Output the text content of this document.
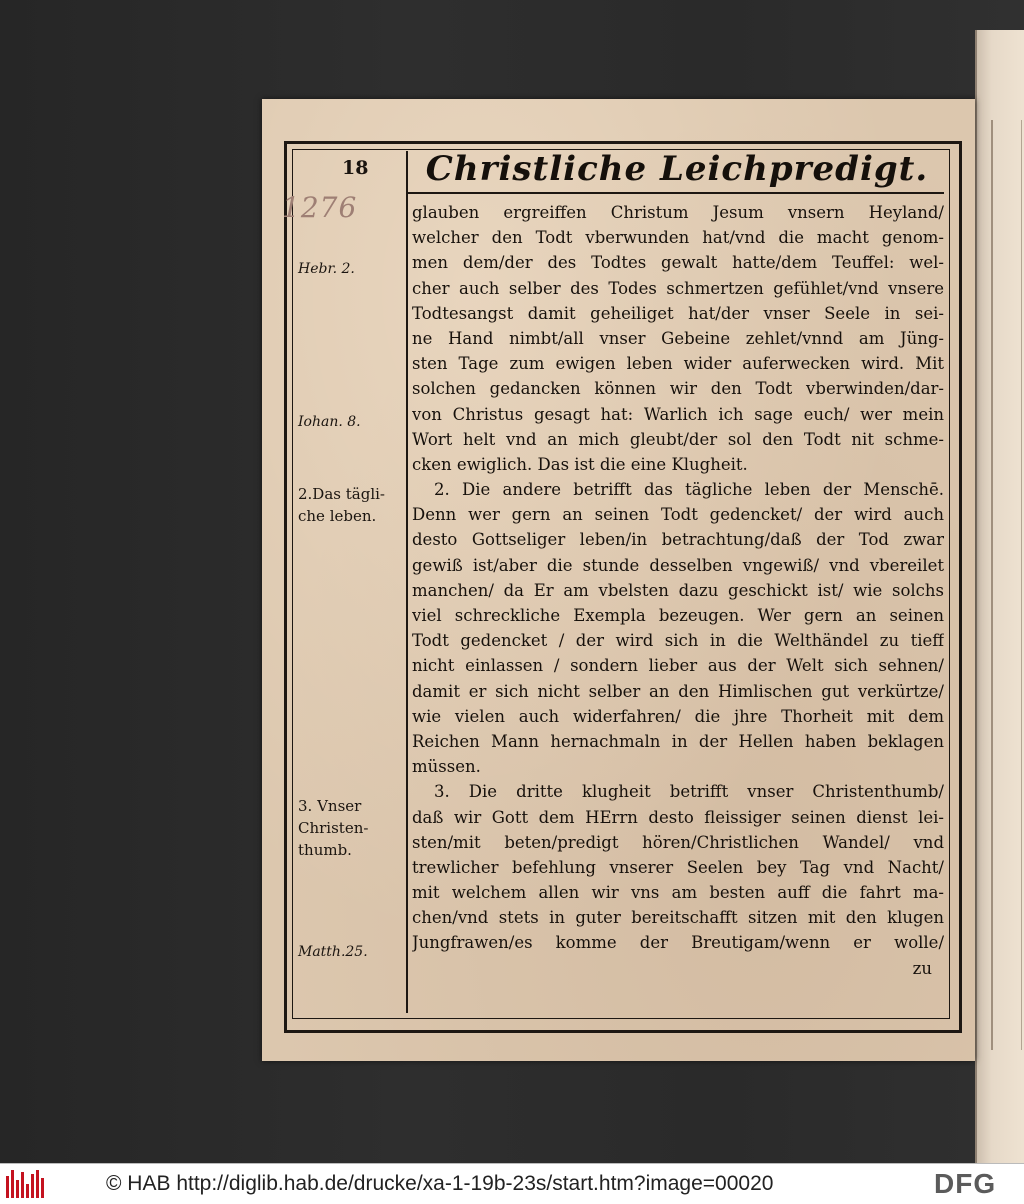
18	Christliche Leichpredigt.
1276
Hebr. 2.
Iohan. 8.
2.Das tägli-che leben.
3. Vnser Christen-thumb.
Matth.25.
glauben ergreiffen Christum Jesum vnsern Heyland/
welcher den Todt vberwunden hat/vnd die macht genom-
men dem/der des Todtes gewalt hatte/dem Teuffel: wel-
cher auch selber des Todes schmertzen gefühlet/vnd vnsere
Todtesangst damit geheiliget hat/der vnser Seele in sei-
ne Hand nimbt/all vnser Gebeine zehlet/vnnd am Jüng-
sten Tage zum ewigen leben wider auferwecken wird. Mit
solchen gedancken können wir den Todt vberwinden/dar-
von Christus gesagt hat: Warlich ich sage euch/ wer mein
Wort helt vnd an mich gleubt/der sol den Todt nit schme-
cken ewiglich. Das ist die eine Klugheit.
2. Die andere betrifft das tägliche leben der Menschē.
Denn wer gern an seinen Todt gedencket/ der wird auch
desto Gottseliger leben/in betrachtung/daß der Tod zwar
gewiß ist/aber die stunde desselben vngewiß/ vnd vbereilet
manchen/ da Er am vbelsten dazu geschickt ist/ wie solchs
viel schreckliche Exempla bezeugen. Wer gern an seinen
Todt gedencket / der wird sich in die Welthändel zu tieff
nicht einlassen / sondern lieber aus der Welt sich sehnen/
damit er sich nicht selber an den Himlischen gut verkürtze/
wie vielen auch widerfahren/ die jhre Thorheit mit dem
Reichen Mann hernachmaln in der Hellen haben beklagen
müssen.
3. Die dritte klugheit betrifft vnser Christenthumb/
daß wir Gott dem HErrn desto fleissiger seinen dienst lei-
sten/mit beten/predigt hören/Christlichen Wandel/ vnd
trewlicher befehlung vnserer Seelen bey Tag vnd Nacht/
mit welchem allen wir vns am besten auff die fahrt ma-
chen/vnd stets in guter bereitschafft sitzen mit den klugen
Jungfrawen/es komme der Breutigam/wenn er wolle/
zu
© HAB http://diglib.hab.de/drucke/xa-1-19b-23s/start.htm?image=00020	DFG
